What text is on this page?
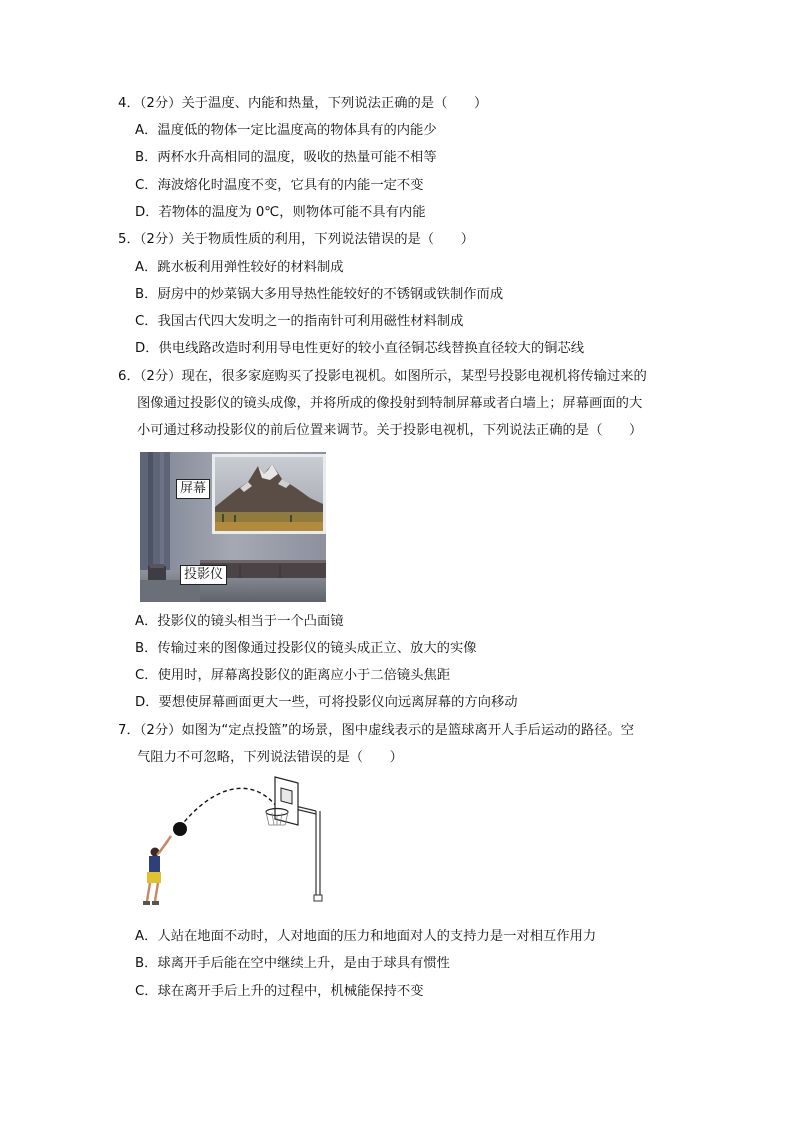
4．（2分）关于温度、内能和热量，下列说法正确的是（　　）
A．温度低的物体一定比温度高的物体具有的内能少
B．两杯水升高相同的温度，吸收的热量可能不相等
C．海波熔化时温度不变，它具有的内能一定不变
D．若物体的温度为 0℃，则物体可能不具有内能
5．（2分）关于物质性质的利用，下列说法错误的是（　　）
A．跳水板利用弹性较好的材料制成
B．厨房中的炒菜锅大多用导热性能较好的不锈钢或铁制作而成
C．我国古代四大发明之一的指南针可利用磁性材料制成
D．供电线路改造时利用导电性更好的较小直径铜芯线替换直径较大的铜芯线
6．（2分）现在，很多家庭购买了投影电视机。如图所示，某型号投影电视机将传输过来的
图像通过投影仪的镜头成像，并将所成的像投射到特制屏幕或者白墙上；屏幕画面的大
小可通过移动投影仪的前后位置来调节。关于投影电视机，下列说法正确的是（　　）
屏幕
投影仪
A．投影仪的镜头相当于一个凸面镜
B．传输过来的图像通过投影仪的镜头成正立、放大的实像
C．使用时，屏幕离投影仪的距离应小于二倍镜头焦距
D．要想使屏幕画面更大一些，可将投影仪向远离屏幕的方向移动
7．（2分）如图为“定点投篮”的场景，图中虚线表示的是篮球离开人手后运动的路径。空
气阻力不可忽略，下列说法错误的是（　　）
A．人站在地面不动时，人对地面的压力和地面对人的支持力是一对相互作用力
B．球离开手后能在空中继续上升，是由于球具有惯性
C．球在离开手后上升的过程中，机械能保持不变
